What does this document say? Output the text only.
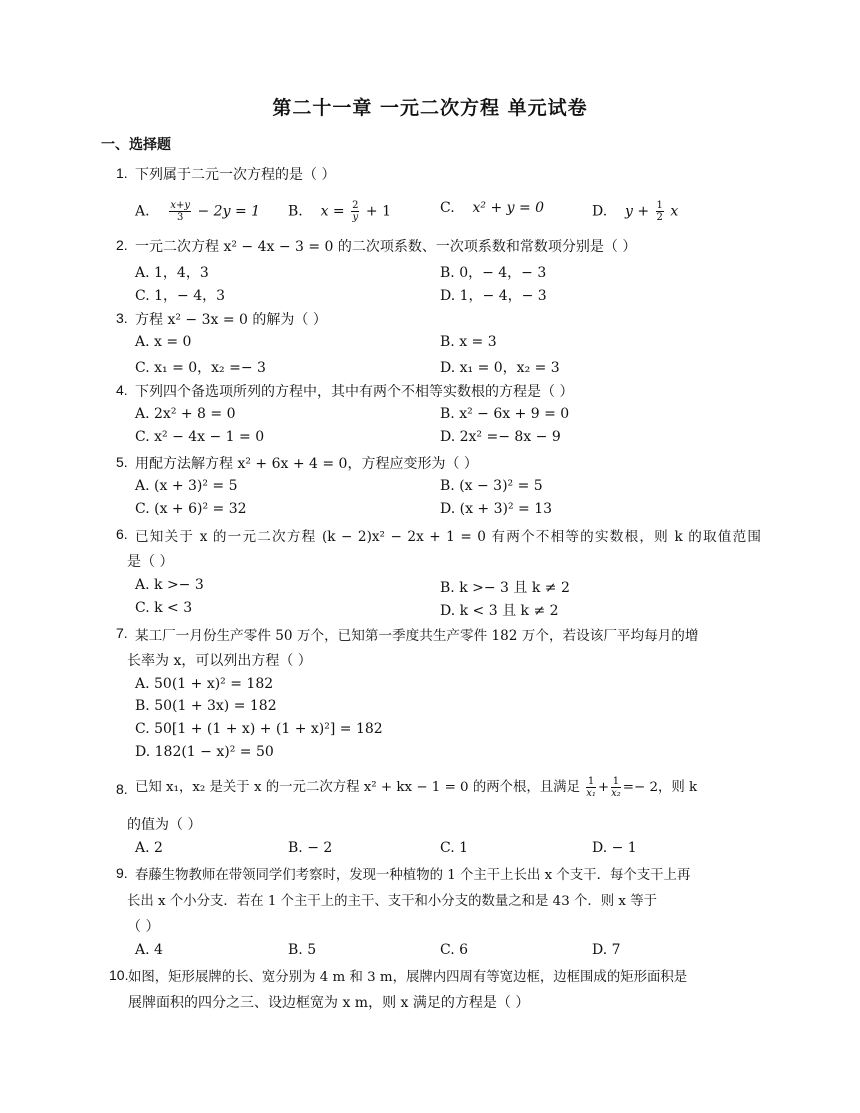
第二十一章 一元二次方程 单元试卷
一、选择题
1. 下列属于二元一次方程的是（ ）
A. $\frac{x+y}{3} - 2y = 1$ B. $x = \frac{2}{y} + 1$	C. x² + y = 0	D. $y + \frac{1}{2}$ x
2. 一元二次方程 x² − 4x − 3 = 0 的二次项系数、一次项系数和常数项分别是（ ）
A. 1，4，3	B. 0，− 4，− 3
C. 1，− 4，3	D. 1，− 4，− 3
3. 方程 x² − 3x = 0 的解为（ ）
A. x = 0	B. x = 3
C. x₁ = 0，x₂ =− 3	D. x₁ = 0，x₂ = 3
4. 下列四个备选项所列的方程中，其中有两个不相等实数根的方程是（ ）
A. 2x² + 8 = 0	B. x² − 6x + 9 = 0
C. x² − 4x − 1 = 0	D. 2x² =− 8x − 9
5. 用配方法解方程 x² + 6x + 4 = 0，方程应变形为（ ）
A. (x + 3)² = 5	B. (x − 3)² = 5
C. (x + 6)² = 32	D. (x + 3)² = 13
6. 已知关于 x 的一元二次方程 (k − 2)x² − 2x + 1 = 0 有两个不相等的实数根，则 k 的取值范围
是（ ）
A. k >− 3	B. k >− 3 且 k ≠ 2
C. k < 3	D. k < 3 且 k ≠ 2
7. 某工厂一月份生产零件 50 万个，已知第一季度共生产零件 182 万个，若设该厂平均每月的增
长率为 x，可以列出方程（ ）
A. 50(1 + x)² = 182
B. 50(1 + 3x) = 182
C. 50[1 + (1 + x) + (1 + x)²] = 182
D. 182(1 − x)² = 50
8. 已知 x₁，x₂ 是关于 x 的一元二次方程 x² + kx − 1 = 0 的两个根，且满足 $\frac{1}{\text{x₁}} + \frac{1}{\text{x₂}} =- 2$，则 k
的值为（ ）
A. 2	B. − 2	C. 1	D. − 1
9. 春藤生物教师在带领同学们考察时，发现一种植物的 1 个主干上长出 x 个支干．每个支干上再
长出 x 个小分支．若在 1 个主干上的主干、支干和小分支的数量之和是 43 个．则 x 等于
（ ）
A. 4	B. 5	C. 6	D. 7
10. 如图，矩形展牌的长、宽分别为 4 m 和 3 m，展牌内四周有等宽边框，边框围成的矩形面积是
展牌面积的四分之三、设边框宽为 x m，则 x 满足的方程是（ ）
